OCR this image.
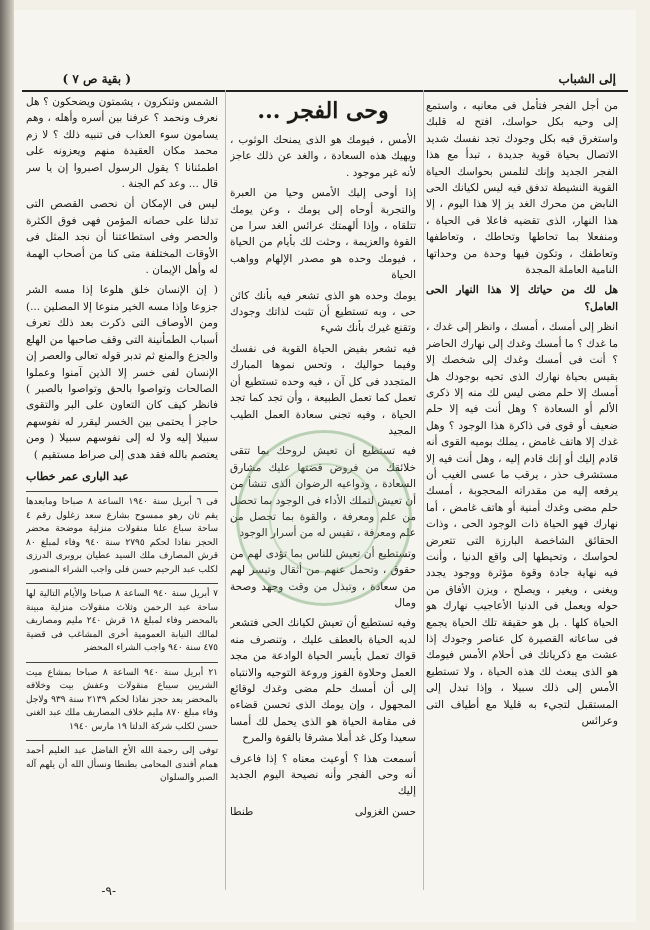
إلى الشباب
( بقية ص ٧ )
وحى الفجر ...	من أجل الفجر فتأمل فى معانيه ، واستمع إلى وحيه بكل حواسك، افتح له قلبك واستغرق فيه بكل وجودك تجد نفسك شديد الاتصال بحياة قوية جديدة ، تبدأ مع هذا الفجر الجديد وإنك لتلمس بحواسك الحياة القوية النشيطة تدفق فيه ليس لكيانك الحى النابض من محرك الغد يز إلا هذا اليوم ، إلا هذا النهار، الذى تقضيه فاعلا فى الحياة ، ومنفعلا بما تحاطها وتحاطك ، وتعاطفها وتعاطفك ، وتكون فيها وحدة من وحداتها النامية العاملة المجدة

هل لك من حياتك إلا هذا النهار الحى العامل؟

انظر إلى أمسك ، أمسك ، وانظر إلى غدك ، ما غدك ؟ ما أمسك وغدك إلى نهارك الحاضر ؟ أنت فى أمسك وغدك إلى شخصك إلا بقيس بحياة نهارك الذى تحيه بوجودك هل أمسك إلا حلم مضى ليس لك منه إلا ذكرى الألم أو السعادة ؟ وهل أنت فيه إلا حلم ضعيف أو قوى فى ذاكرة هذا الوجود ؟ وهل غدك إلا هاتف غامض ، يملك بوميه القوى أنه قادم إليك أو إنك قادم إليه ، وهل أنت فيه إلا مستشرف حذر ، يرقب ما عسى الغيب أن يرفعه إليه من مقدراته المحجوبة ، أمسك حلم مضى وغدك أمنية أو هاتف غامض ، أما نهارك فهو الحياة ذات الوجود الحى ، وذات الحقائق الشاخصة البارزة التى تتعرض لحواسك ، وتحيطها إلى واقع الدنيا ، وأنت فيه نهاية جادة وقوة مؤثرة ووجود يجدد ويغنى ، ويغير ، ويصلح ، ويزن الأفاق من حوله ويعمل فى الدنيا الأعاجيب نهارك هو الحياة كلها . بل هو حقيقة تلك الحياة يجمع فى ساعاته القصيرة كل عناصر وجودك إذا عشت مع ذكرياتك فى أحلام الأمس فيومك هو الذى يبعث لك هذه الحياة ، ولا تستطيع الأمس إلى ذلك سبيلا ، وإذا تبدل إلى المستقبل لتجيء به قليلا مع أطياف التى وعرائس

الأمس ، فيومك هو الذى يمنحك الوثوب ، ويهيك هذه السعادة ، والغد عن ذلك عاجز لأنه غير موجود .

إذا أوحى إليك الأمس وحيا من العبرة والتجربة أوحاه إلى يومك ، وعن يومك تتلقاه ، وإذا ألهمتك عرائس الغد سرا من القوة والعزيمة ، وحثت لك بأيام من الحياة ، فيومك وحده هو مصدر الإلهام وواهب الحياة

يومك وحده هو الذى تشعر فيه بأنك كائن حى ، وبه تستطيع أن تثبت لذاتك وجودك وتقنع غيرك بأنك شيء

فيه تشعر بفيض الحياة القوية فى نفسك وفيما حواليك ، وتحس نموها المبارك المتجدد فى كل آن ، فيه وحده تستطيع أن تعمل كما تعمل الطبيعة ، وأن تجد كما تجد الحياة ، وفيه تجنى سعادة العمل الطيب المجيد

فيه تستطيع أن تعيش لروحك بما تتقى خلائقك من فروض قضتها عليك مشارق السعادة ، ودواعيه الرضوان الذى تنشأ من أن تعيش لتملك الأداء فى الوجود بما تحصل من علم ومعرفة ، والقوة بما تحصل من علم ومعرفة ، تقيس له من أسرار الوجود

وتستطيع أن تعيش للناس بما تؤدى لهم من حقوق ، وتحمل عنهم من أثقال وتيسر لهم من سعادة ، وتبذل من وقت وجهد وصحة ومال

وفيه تستطيع أن تعيش لكيانك الحى فتشعر لديه الحياة بالعطف عليك ، وتنصرف منه قواك تعمل بأيسر الحياة الوادعة من مجد العمل وحلاوة الفوز وروعة التوجيه والانتباه إلى أن أمسك حلم مضى وغدك لوقائع المجهول ، وإن يومك الذى تحسن قضاءه فى مقامة الحياة هو الذى يحمل لك أمسا سعيدا وكل غد أملا مشرقا بالقوة والمرح

أسمعت هذا ؟ أوعيت معناه ؟ إذا فاعرف أنه وحى الفجر وأنه نصيحة اليوم الجديد إليك

حسن الغزولى
طنطا

الشمس وتنكرون ، يشمتون ويضحكون ؟ هل نعرف ونحمد ؟ عرفنا بين أسره وأهله ، وهم يسامون سوء العذاب فى تنبيه ذلك ؟ لا زم محمد مكان العقيدة منهم ويعزونه على اطمئنانا ؟ يقول الرسول اصبروا إن يا سر قال ... وعد كم الجنة .

ليس فى الإمكان أن نحصى القصص التى تدلنا على حصانه المؤمن فهى فوق الكثرة والحصر وفى استطاعتنا أن نجد المثل فى الأوقات المختلفة متى كنا من أصحاب الهمة له وأهل الإيمان .

( إن الإنسان خلق هلوعا إذا مسه الشر جزوعا وإذا مسه الخير منوعا إلا المصلين ...) ومن الأوصاف التى ذكرت بعد ذلك تعرف أسباب الطمأنينة التى وقف صاحبها من الهلع والجزع والمنع ثم تدبر قوله تعالى والعصر إن الإنسان لفى خسر إلا الذين آمنوا وعملوا الصالحات وتواصوا بالحق وتواصوا بالصبر ) فانظر كيف كان التعاون على البر والتقوى حاجز أ يحتمى بين الخسر ليقرر له نفوسهم سبيلا إليه ولا له إلى نفوسهم سبيلا ( ومن يعتصم بالله فقد هدى إلى صراط مستقيم )

عبد البارى عمر خطاب
فى ٦ أبريل سنة ١٩٤٠ الساعة ٨ صباحا ومابعدها يقم ثان رهو ممسوح بشارع سعد زغلول رقم ٤ ساحة سباع علنا منقولات منزلية موضحة محضر الحجز نفاذا لحكم ٢٧٩٥ سنة ٩٤٠ وفاء لمبلغ ٨٠ قرش المصارف ملك السيد عطيان بروبرى الدرزى لكلب عبد الرحيم حسن فلى واجب الشراء المنصور
٧ أبريل سنة ٩٤٠ الساعة ٨ صباحا والأيام التالية لها ساحة عبد الرحمن وثلاث منقولات منزلية مبينة بالمحضر وفاء لمبلغ ١٨ قرش ٢٤٠ مليم ومصاريف لمالك النيابة العمومية أخرى المشاغب فى قضية ٤٧٥ سنة ٩٤٠ واجب الشراء المحضر
٢١ أبريل سنة ٩٤٠ الساعة ٨ صباحا بمشاع ميت الشريين سيباع منقولات وعفش بيت وخلافه بالمحضر بعد حجز نفاذا لحكم ٢١٣٩ سنة ٩٣٩ ولاجل وفاء مبلغ ٨٧٠ مليم خلاف المصاريف ملك عبد الغنى حسن لكلب شركة الدلتا ١٩ مارس ١٩٤٠
توفى إلى رحمة الله الأخ الفاضل عبد العليم أحمد همام أفندى المحامى بطنطا ونسأل الله أن يلهم آله الصبر والسلوان
-٩-
